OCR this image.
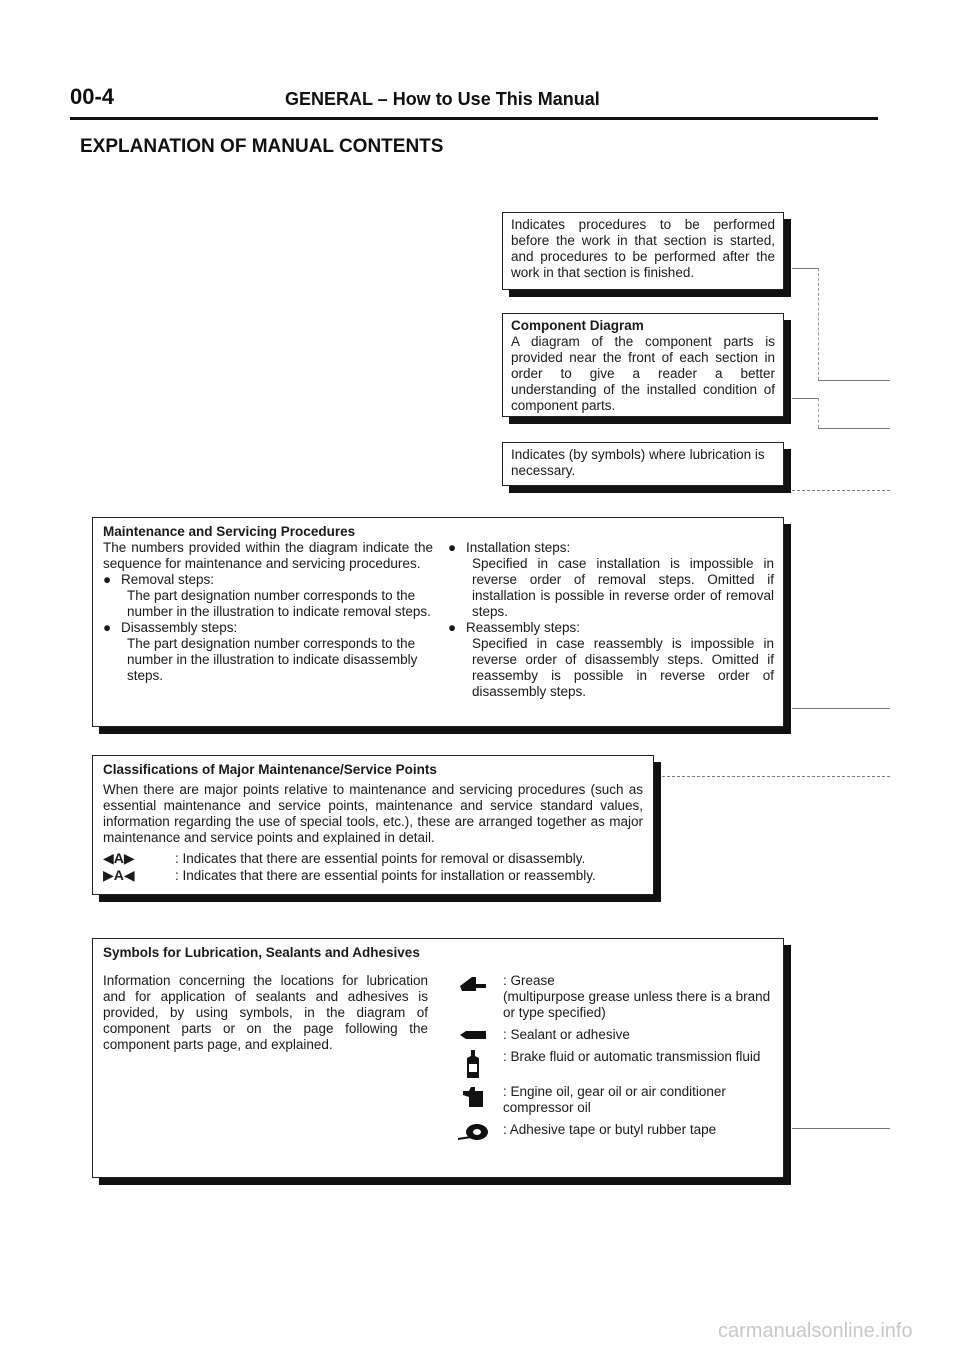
00-4	GENERAL – How to Use This Manual
EXPLANATION OF MANUAL CONTENTS
Indicates procedures to be performed before the work in that section is started, and procedures to be performed after the work in that section is finished.
Component Diagram
A diagram of the component parts is provided near the front of each section in order to give a reader a better understanding of the installed condition of component parts.
Indicates (by symbols) where lubrication is necessary.
Maintenance and Servicing Procedures
The numbers provided within the diagram indicate the sequence for maintenance and servicing procedures.
● Removal steps:
The part designation number corresponds to the number in the illustration to indicate removal steps.
● Disassembly steps:
The part designation number corresponds to the number in the illustration to indicate disassembly steps.
● Installation steps:
Specified in case installation is impossible in reverse order of removal steps. Omitted if installation is possible in reverse order of removal steps.
● Reassembly steps:
Specified in case reassembly is impossible in reverse order of disassembly steps. Omitted if reassemby is possible in reverse order of disassembly steps.
Classifications of Major Maintenance/Service Points
When there are major points relative to maintenance and servicing procedures (such as essential maintenance and service points, maintenance and service standard values, information regarding the use of special tools, etc.), these are arranged together as major maintenance and service points and explained in detail.
◀A▶	: Indicates that there are essential points for removal or disassembly.
▶A◀	: Indicates that there are essential points for installation or reassembly.
Symbols for Lubrication, Sealants and Adhesives
Information concerning the locations for lubrication and for application of sealants and adhesives is provided, by using symbols, in the diagram of component parts or on the page following the component parts page, and explained.
: Grease
(multipurpose grease unless there is a brand or type specified)
: Sealant or adhesive
: Brake fluid or automatic transmission fluid
: Engine oil, gear oil or air conditioner compressor oil
: Adhesive tape or butyl rubber tape
carmanualsonline.info
